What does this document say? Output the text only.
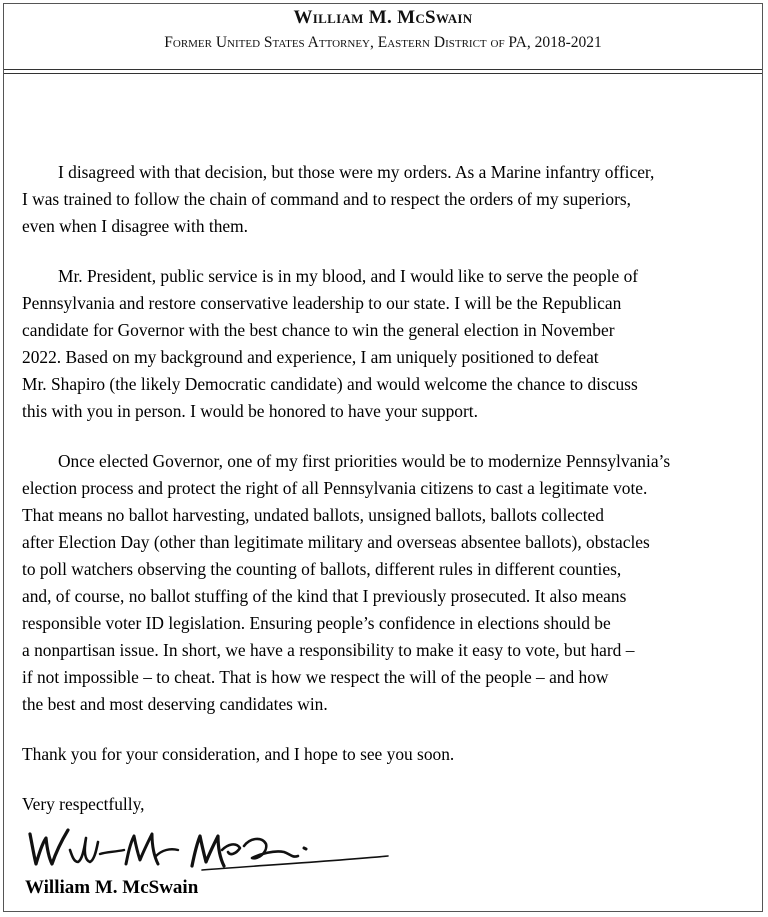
William M. McSwain
Former United States Attorney, Eastern District of PA, 2018-2021
I disagreed with that decision, but those were my orders. As a Marine infantry officer,
I was trained to follow the chain of command and to respect the orders of my superiors,
even when I disagree with them.
Mr. President, public service is in my blood, and I would like to serve the people of
Pennsylvania and restore conservative leadership to our state. I will be the Republican
candidate for Governor with the best chance to win the general election in November
2022. Based on my background and experience, I am uniquely positioned to defeat
Mr. Shapiro (the likely Democratic candidate) and would welcome the chance to discuss
this with you in person. I would be honored to have your support.
Once elected Governor, one of my first priorities would be to modernize Pennsylvania’s
election process and protect the right of all Pennsylvania citizens to cast a legitimate vote.
That means no ballot harvesting, undated ballots, unsigned ballots, ballots collected
after Election Day (other than legitimate military and overseas absentee ballots), obstacles
to poll watchers observing the counting of ballots, different rules in different counties,
and, of course, no ballot stuffing of the kind that I previously prosecuted. It also means
responsible voter ID legislation. Ensuring people’s confidence in elections should be
a nonpartisan issue. In short, we have a responsibility to make it easy to vote, but hard –
if not impossible – to cheat. That is how we respect the will of the people – and how
the best and most deserving candidates win.
Thank you for your consideration, and I hope to see you soon.
Very respectfully,
William M. McSwain
